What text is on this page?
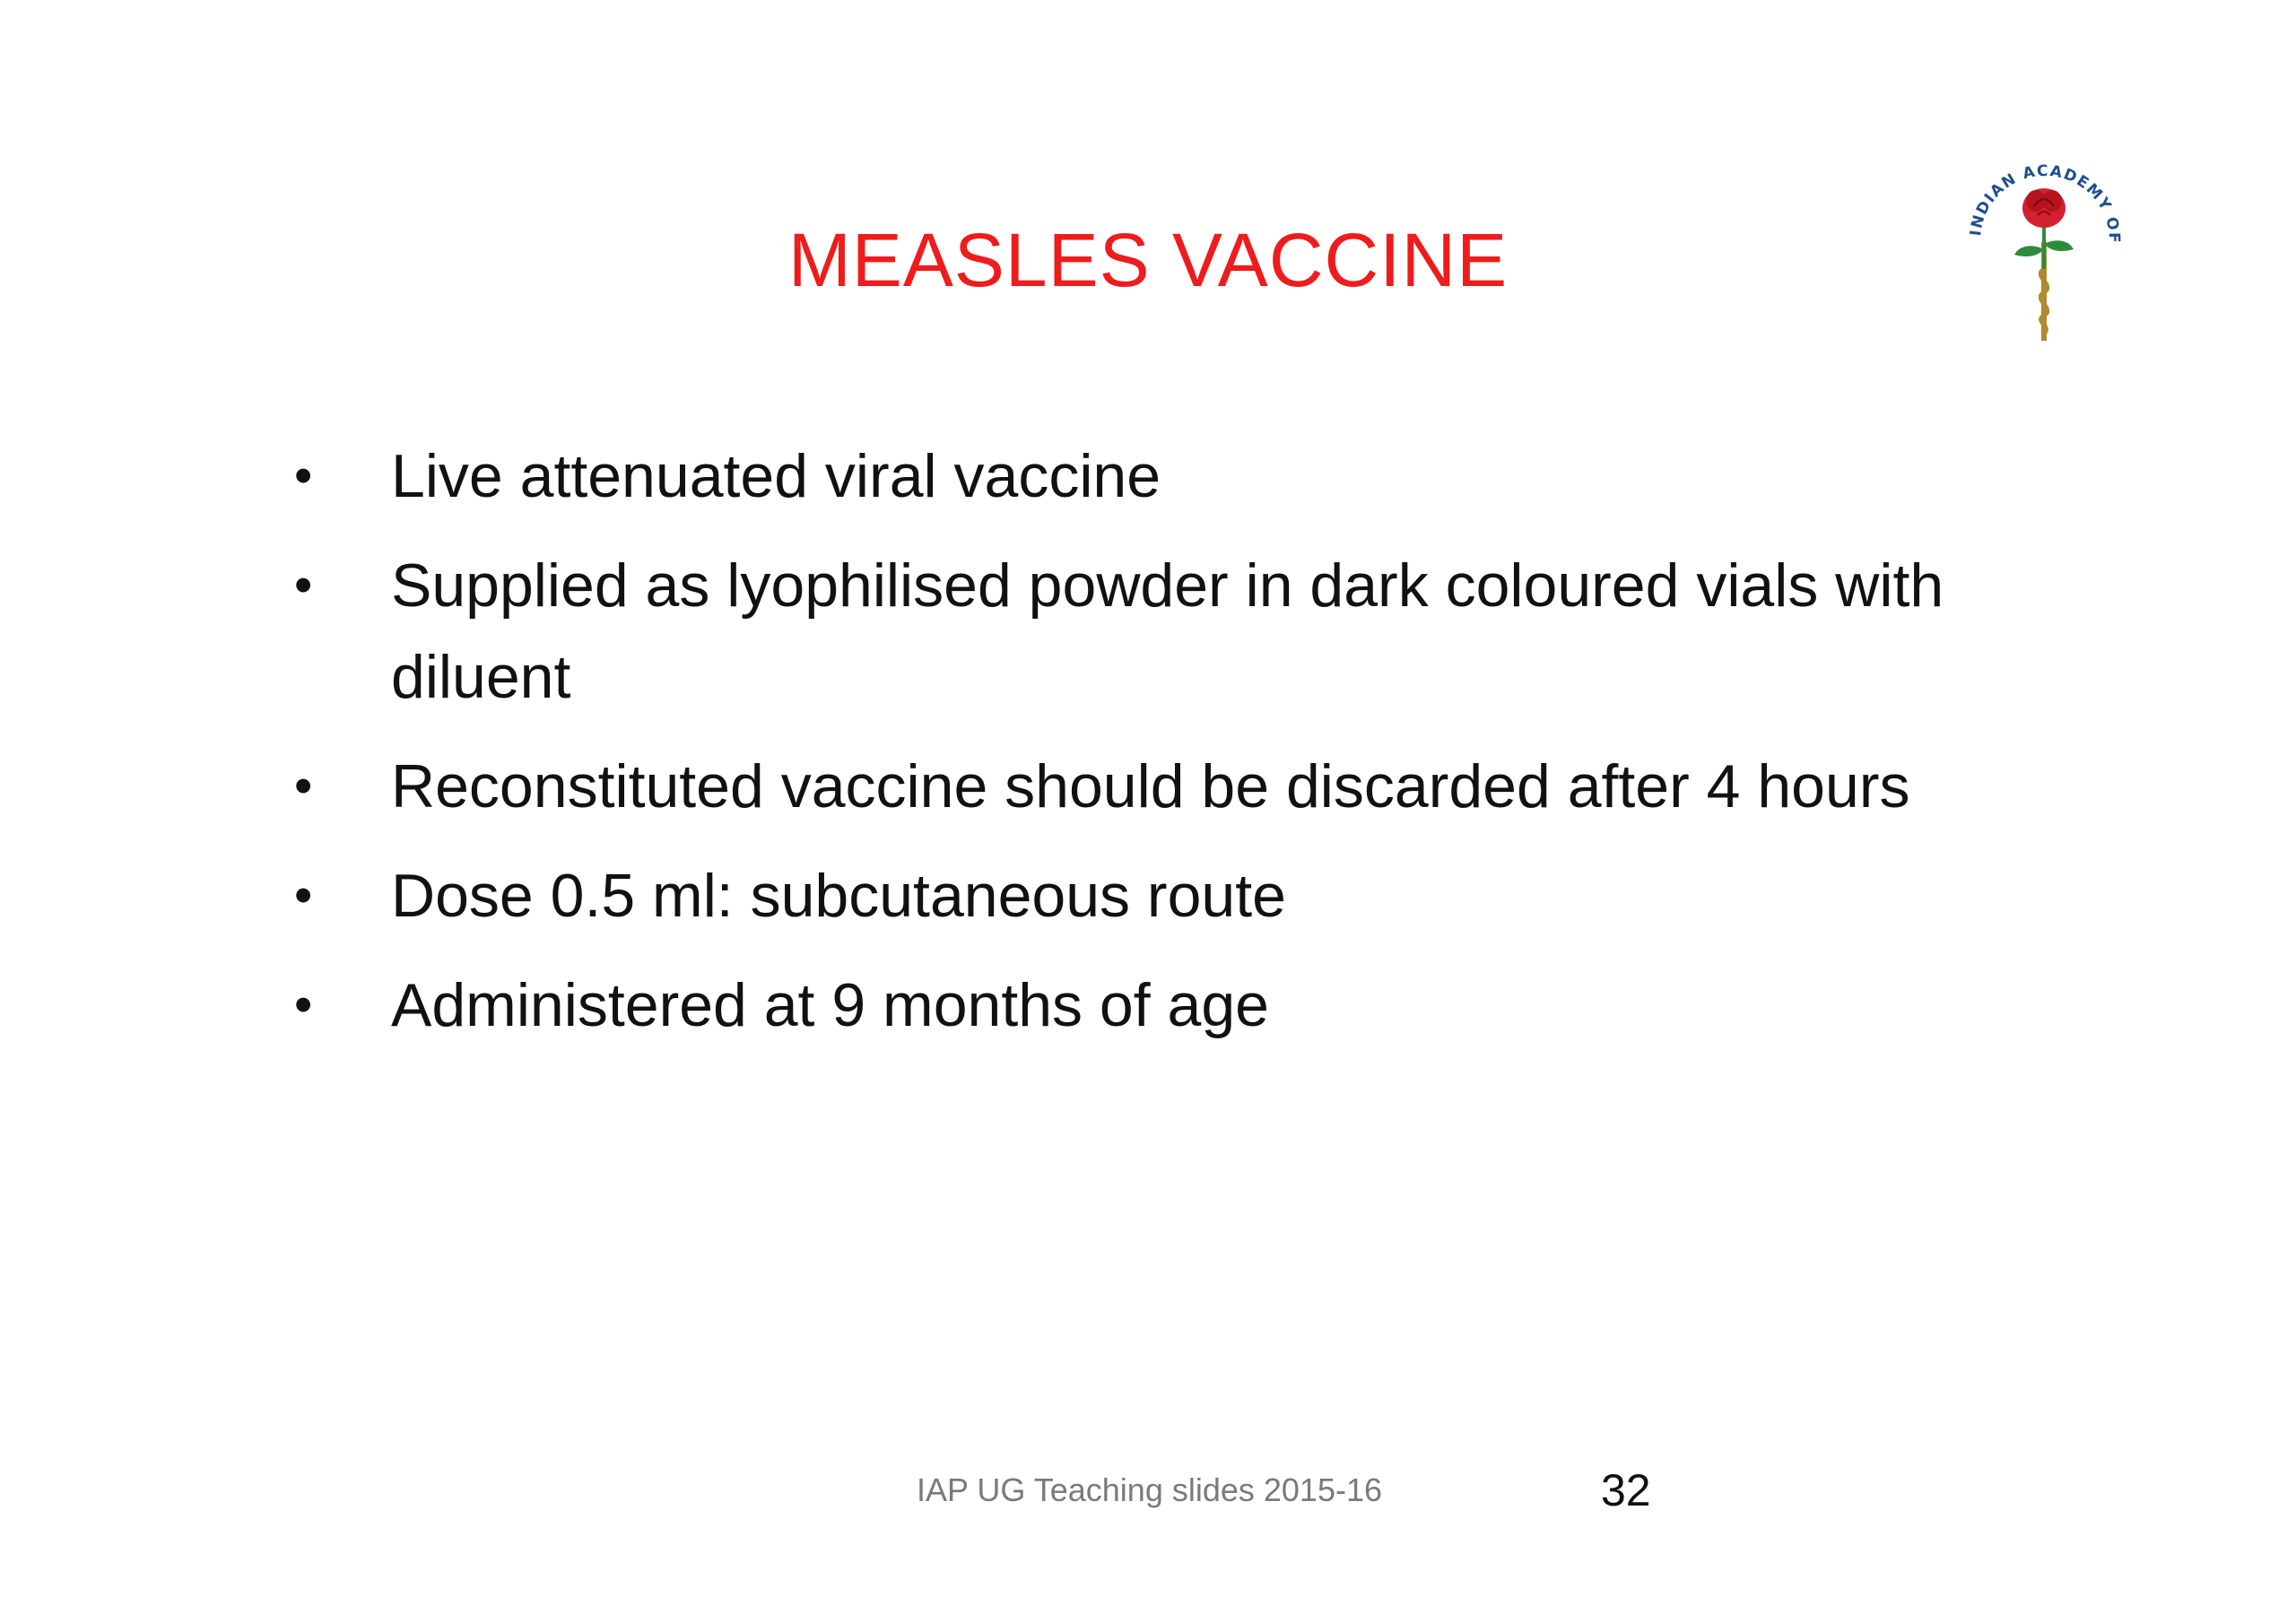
MEASLES VACCINE	INDIAN ACADEMY OF
• Live attenuated viral vaccine
• Supplied as lyophilised powder in dark coloured vials with diluent
• Reconstituted vaccine should be discarded after 4 hours
• Dose 0.5 ml: subcutaneous route
• Administered at 9 months of age
IAP UG Teaching slides 2015-16	32
